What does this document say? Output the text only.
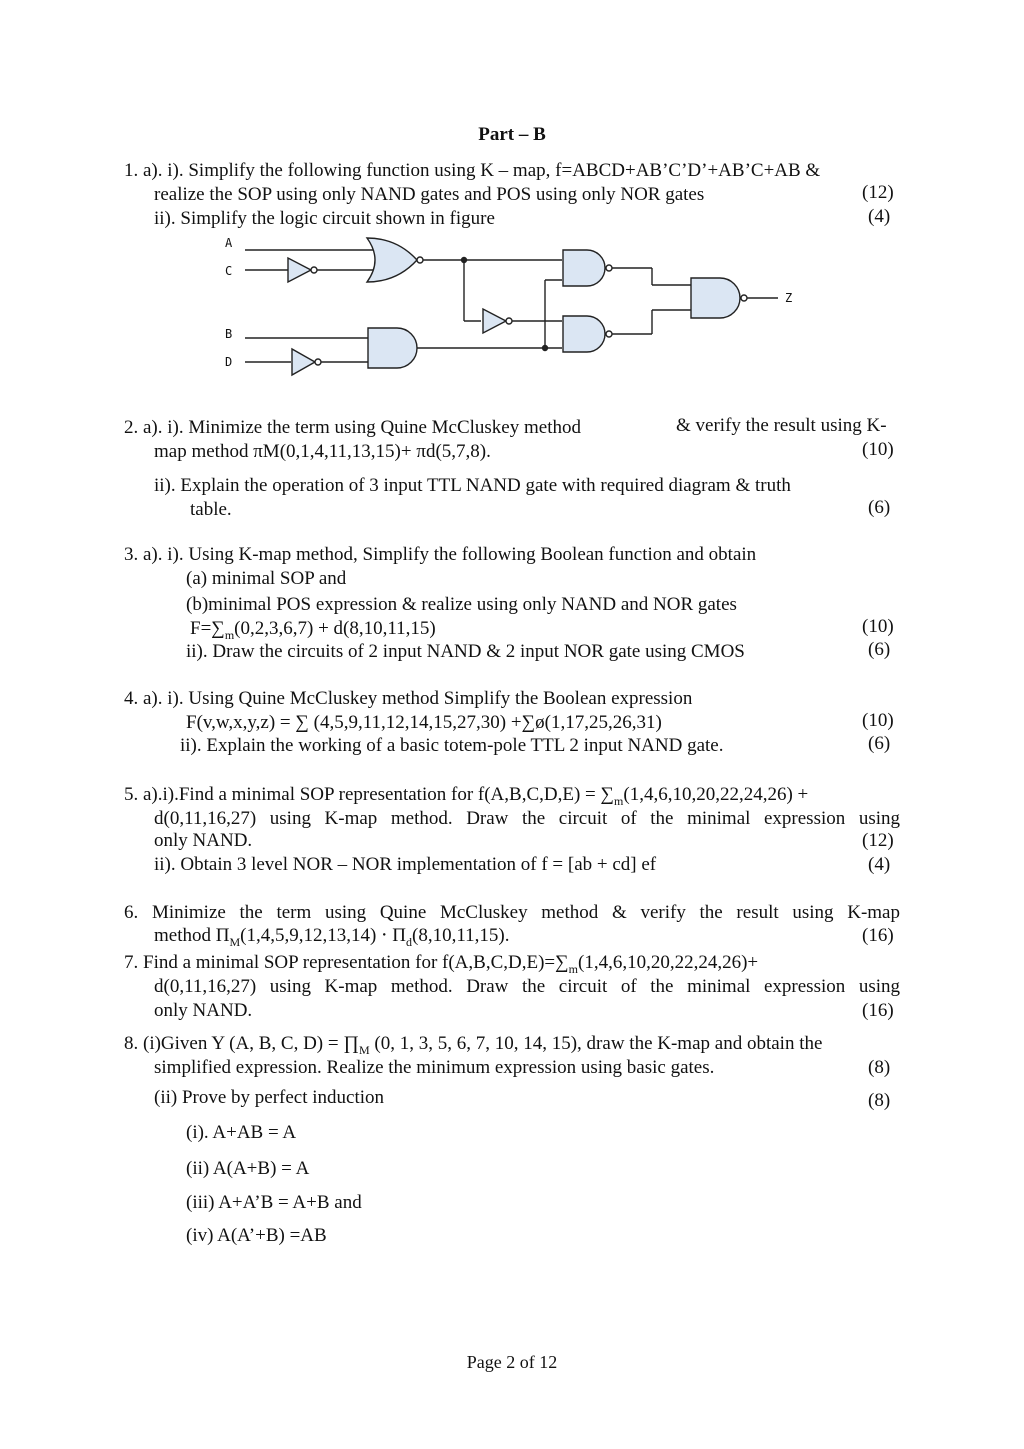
Part – B
1. a). i). Simplify the following function using K – map, f=ABCD+AB’C’D’+AB’C+AB &
realize the SOP using only NAND gates and POS using only NOR gates	(12)
ii). Simplify the logic circuit shown in figure	(4)
A
C
B
D
Z
2. a). i). Minimize the term using Quine McCluskey method	& verify the result using K-
map method πM(0,1,4,11,13,15)+ πd(5,7,8).	(10)
ii). Explain the operation of 3 input TTL NAND gate with required diagram & truth
table.	(6)
3. a). i). Using K-map method, Simplify the following Boolean function and obtain
(a) minimal SOP and
(b)minimal POS expression & realize using only NAND and NOR gates
$F=\sum_m(0,2,3,6,7) + d(8,10,11,15)$	(10)
ii). Draw the circuits of 2 input NAND & 2 input NOR gate using CMOS	(6)
4. a). i). Using Quine McCluskey method Simplify the Boolean expression
F(v,w,x,y,z) = ∑ (4,5,9,11,12,14,15,27,30) +∑ø(1,17,25,26,31)	(10)
ii). Explain the working of a basic totem-pole TTL 2 input NAND gate.	(6)
5. a).i).Find a minimal SOP representation for $f(A,B,C,D,E) = \sum_m(1,4,6,10,20,22,24,26)$ +
d(0,11,16,27) using K-map method. Draw the circuit of the minimal expression using
only NAND.	(12)
ii). Obtain 3 level NOR – NOR implementation of f = [ab + cd] ef	(4)
6. Minimize the term using Quine McCluskey method & verify the result using K-map
method $\Pi_M(1,4,5,9,12,13,14) \cdot \Pi_d(8,10,11,15)$.	(16)
7. Find a minimal SOP representation for $f(A,B,C,D,E)=\sum_m(1,4,6,10,20,22,24,26)+$
d(0,11,16,27) using K-map method. Draw the circuit of the minimal expression using
only NAND.	(16)
8. (i)Given Y (A, B, C, $D) = \prod_M$ (0, 1, 3, 5, 6, 7, 10, 14, 15), draw the K-map and obtain the
simplified expression. Realize the minimum expression using basic gates.	(8)
(ii) Prove by perfect induction	(8)
(i). A+AB = A
(ii) A(A+B) = A
(iii) A+A’B = A+B and
(iv) A(A’+B) =AB
Page 2 of 12
